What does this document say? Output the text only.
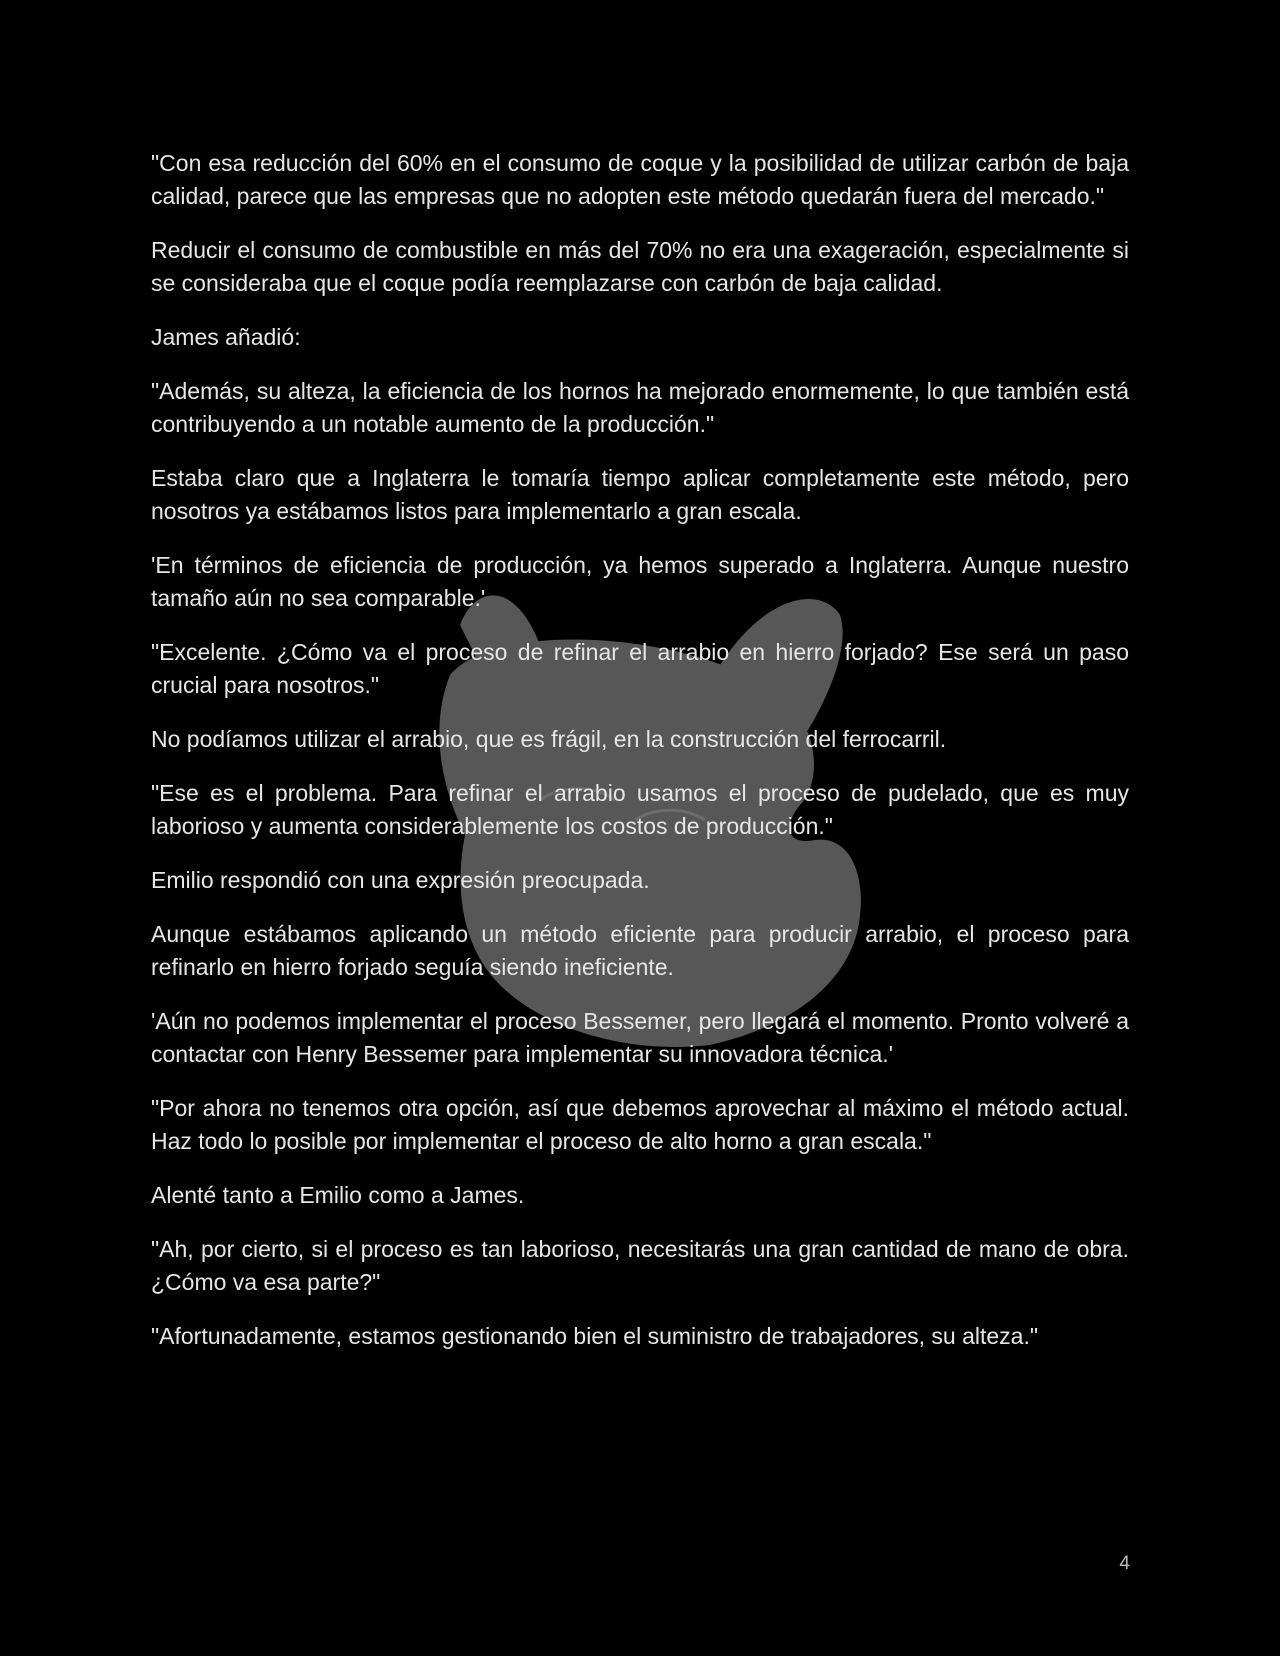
"Con esa reducción del 60% en el consumo de coque y la posibilidad de utilizar carbón de baja calidad, parece que las empresas que no adopten este método quedarán fuera del mercado."

Reducir el consumo de combustible en más del 70% no era una exageración, especialmente si se consideraba que el coque podía reemplazarse con carbón de baja calidad.

James añadió:

"Además, su alteza, la eficiencia de los hornos ha mejorado enormemente, lo que también está contribuyendo a un notable aumento de la producción."

Estaba claro que a Inglaterra le tomaría tiempo aplicar completamente este método, pero nosotros ya estábamos listos para implementarlo a gran escala.

'En términos de eficiencia de producción, ya hemos superado a Inglaterra. Aunque nuestro tamaño aún no sea comparable.'

"Excelente. ¿Cómo va el proceso de refinar el arrabio en hierro forjado? Ese será un paso crucial para nosotros."

No podíamos utilizar el arrabio, que es frágil, en la construcción del ferrocarril.

"Ese es el problema. Para refinar el arrabio usamos el proceso de pudelado, que es muy laborioso y aumenta considerablemente los costos de producción."

Emilio respondió con una expresión preocupada.

Aunque estábamos aplicando un método eficiente para producir arrabio, el proceso para refinarlo en hierro forjado seguía siendo ineficiente.

'Aún no podemos implementar el proceso Bessemer, pero llegará el momento. Pronto volveré a contactar con Henry Bessemer para implementar su innovadora técnica.'

"Por ahora no tenemos otra opción, así que debemos aprovechar al máximo el método actual. Haz todo lo posible por implementar el proceso de alto horno a gran escala."

Alenté tanto a Emilio como a James.

"Ah, por cierto, si el proceso es tan laborioso, necesitarás una gran cantidad de mano de obra. ¿Cómo va esa parte?"

"Afortunadamente, estamos gestionando bien el suministro de trabajadores, su alteza."

4
